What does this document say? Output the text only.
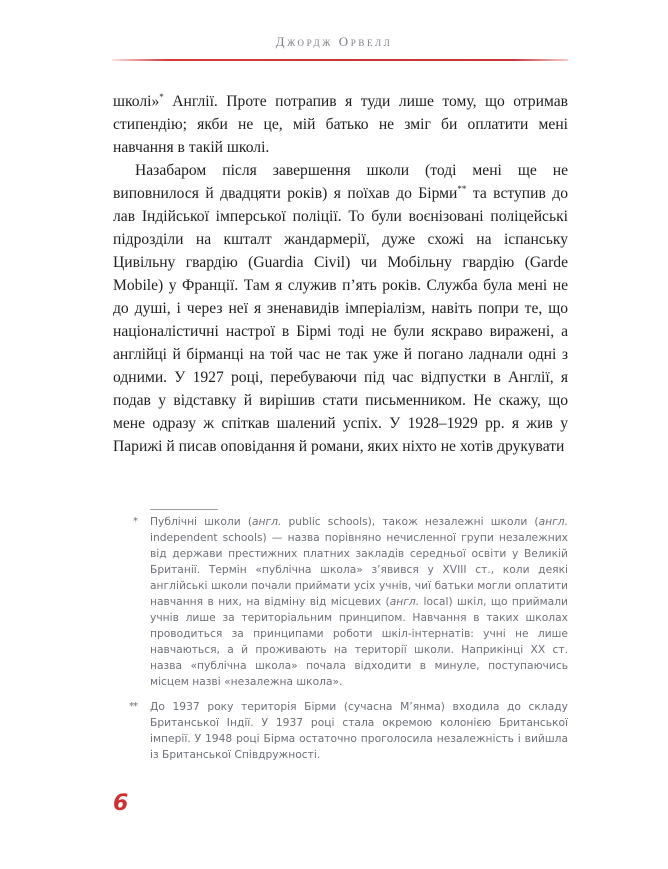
Джордж Орвелл

школі»* Англії. Проте потрапив я туди лише тому, що отримав стипендію; якби не це, мій батько не зміг би оплатити мені навчання в такій школі.

Назабаром після завершення школи (тоді мені ще не виповнилося й двадцяти років) я поїхав до Бірми** та вступив до лав Індійської імперської поліції. То були воєнізовані поліцейські підрозділи на кшталт жандармерії, дуже схожі на іспанську Цивільну гвардію (Guardia Civil) чи Мобільну гвардію (Garde Mobile) у Франції. Там я служив п’ять років. Служба була мені не до душі, і через неї я зненавидів імперіалізм, навіть попри те, що націоналістичні настрої в Бірмі тоді не були яскраво виражені, а англійці й бірманці на той час не так уже й погано ладнали одні з одними. У 1927 році, перебуваючи під час відпустки в Англії, я подав у відставку й вирішив стати письменником. Не скажу, що мене одразу ж спіткав шалений успіх. У 1928–1929 рр. я жив у Парижі й писав оповідання й романи, яких ніхто не хотів друкувати

* Публічні школи (англ. public schools), також незалежні школи (англ. independent schools) — назва порівняно нечисленної групи незалежних від держави престижних платних закладів середньої освіти у Великій Британії. Термін «публічна школа» з’явився у XVIII ст., коли деякі англійські школи почали приймати усіх учнів, чиї батьки могли оплатити навчання в них, на відміну від місцевих (англ. local) шкіл, що приймали учнів лише за територіальним принципом. Навчання в таких школах проводиться за принципами роботи шкіл-інтернатів: учні не лише навчаються, а й проживають на території школи. Наприкінці XX ст. назва «публічна школа» почала відходити в минуле, поступаючись місцем назві «незалежна школа».

** До 1937 року територія Бірми (сучасна М’янма) входила до складу Британської Індії. У 1937 році стала окремою колонією Британської імперії. У 1948 році Бірма остаточно проголосила незалежність і вийшла із Британської Співдружності.

6
